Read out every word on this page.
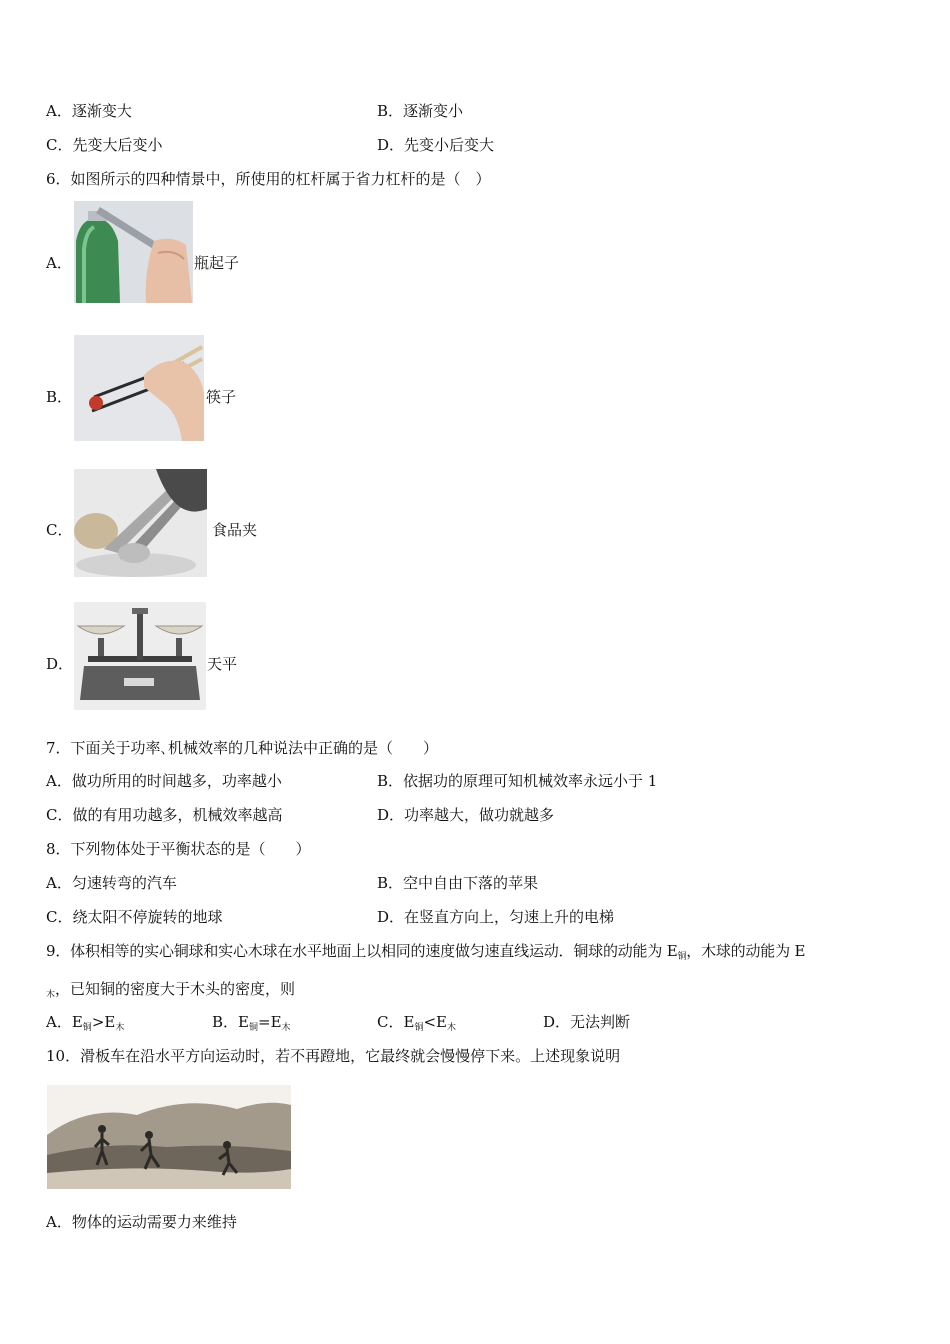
A．逐渐变大	B．逐渐变小
C．先变大后变小	D．先变小后变大
6．如图所示的四种情景中，所使用的杠杆属于省力杠杆的是（　）
A．	瓶起子
B．	筷子
C．	食品夹
D．	天平
7．下面关于功率､机械效率的几种说法中正确的是（　　）
A．做功所用的时间越多，功率越小	B．依据功的原理可知机械效率永远小于 1
C．做的有用功越多，机械效率越高	D．功率越大，做功就越多
8．下列物体处于平衡状态的是（　　）
A．匀速转弯的汽车	B．空中自由下落的苹果
C．绕太阳不停旋转的地球	D．在竖直方向上，匀速上升的电梯
9．体积相等的实心铜球和实心木球在水平地面上以相同的速度做匀速直线运动．铜球的动能为 $E_铜$，木球的动能为 E
$_木$，已知铜的密度大于木头的密度，则
A．$E_铜>E_木$	B．$E_铜=E_木$	C．$E_铜<E_木$	D．无法判断
10．滑板车在沿水平方向运动时，若不再蹬地，它最终就会慢慢停下来。上述现象说明
A．物体的运动需要力来维持
